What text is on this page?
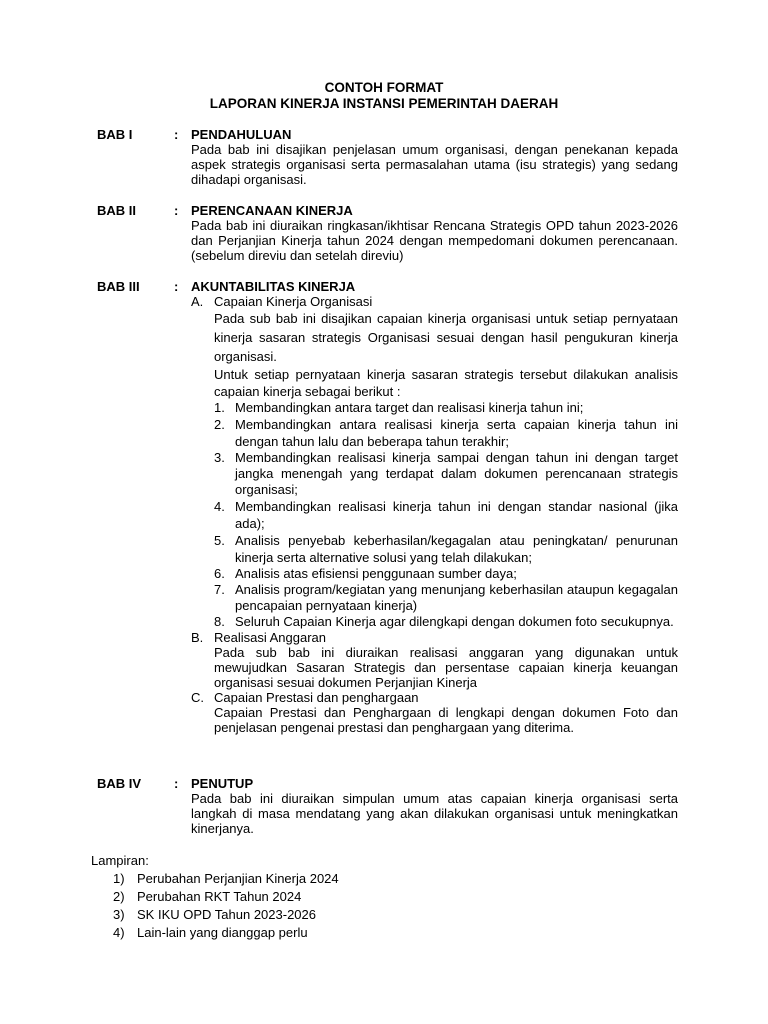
CONTOH FORMAT
LAPORAN KINERJA INSTANSI PEMERINTAH DAERAH
BAB I	: PENDAHULUAN
Pada bab ini disajikan penjelasan umum organisasi, dengan penekanan kepada aspek strategis organisasi serta permasalahan utama (isu strategis) yang sedang dihadapi organisasi.
BAB II	: PERENCANAAN KINERJA
Pada bab ini diuraikan ringkasan/ikhtisar Rencana Strategis OPD tahun 2023-2026 dan Perjanjian Kinerja tahun 2024 dengan mempedomani dokumen perencanaan. (sebelum direviu dan setelah direviu)
BAB III	: AKUNTABILITAS KINERJA
A. Capaian Kinerja Organisasi
Pada sub bab ini disajikan capaian kinerja organisasi untuk setiap pernyataan kinerja sasaran strategis Organisasi sesuai dengan hasil pengukuran kinerja organisasi.
Untuk setiap pernyataan kinerja sasaran strategis tersebut dilakukan analisis capaian kinerja sebagai berikut :
1. Membandingkan antara target dan realisasi kinerja tahun ini;
2. Membandingkan antara realisasi kinerja serta capaian kinerja tahun ini dengan tahun lalu dan beberapa tahun terakhir;
3. Membandingkan realisasi kinerja sampai dengan tahun ini dengan target jangka menengah yang terdapat dalam dokumen perencanaan strategis organisasi;
4. Membandingkan realisasi kinerja tahun ini dengan standar nasional (jika ada);
5. Analisis penyebab keberhasilan/kegagalan atau peningkatan/ penurunan kinerja serta alternative solusi yang telah dilakukan;
6. Analisis atas efisiensi penggunaan sumber daya;
7. Analisis program/kegiatan yang menunjang keberhasilan ataupun kegagalan pencapaian pernyataan kinerja)
8. Seluruh Capaian Kinerja agar dilengkapi dengan dokumen foto secukupnya.
B. Realisasi Anggaran
Pada sub bab ini diuraikan realisasi anggaran yang digunakan untuk mewujudkan Sasaran Strategis dan persentase capaian kinerja keuangan organisasi sesuai dokumen Perjanjian Kinerja
C. Capaian Prestasi dan penghargaan
Capaian Prestasi dan Penghargaan di lengkapi dengan dokumen Foto dan penjelasan pengenai prestasi dan penghargaan yang diterima.
BAB IV	: PENUTUP
Pada bab ini diuraikan simpulan umum atas capaian kinerja organisasi serta langkah di masa mendatang yang akan dilakukan organisasi untuk meningkatkan kinerjanya.
Lampiran:
1) Perubahan Perjanjian Kinerja 2024
2) Perubahan RKT Tahun 2024
3) SK IKU OPD Tahun 2023-2026
4) Lain-lain yang dianggap perlu
